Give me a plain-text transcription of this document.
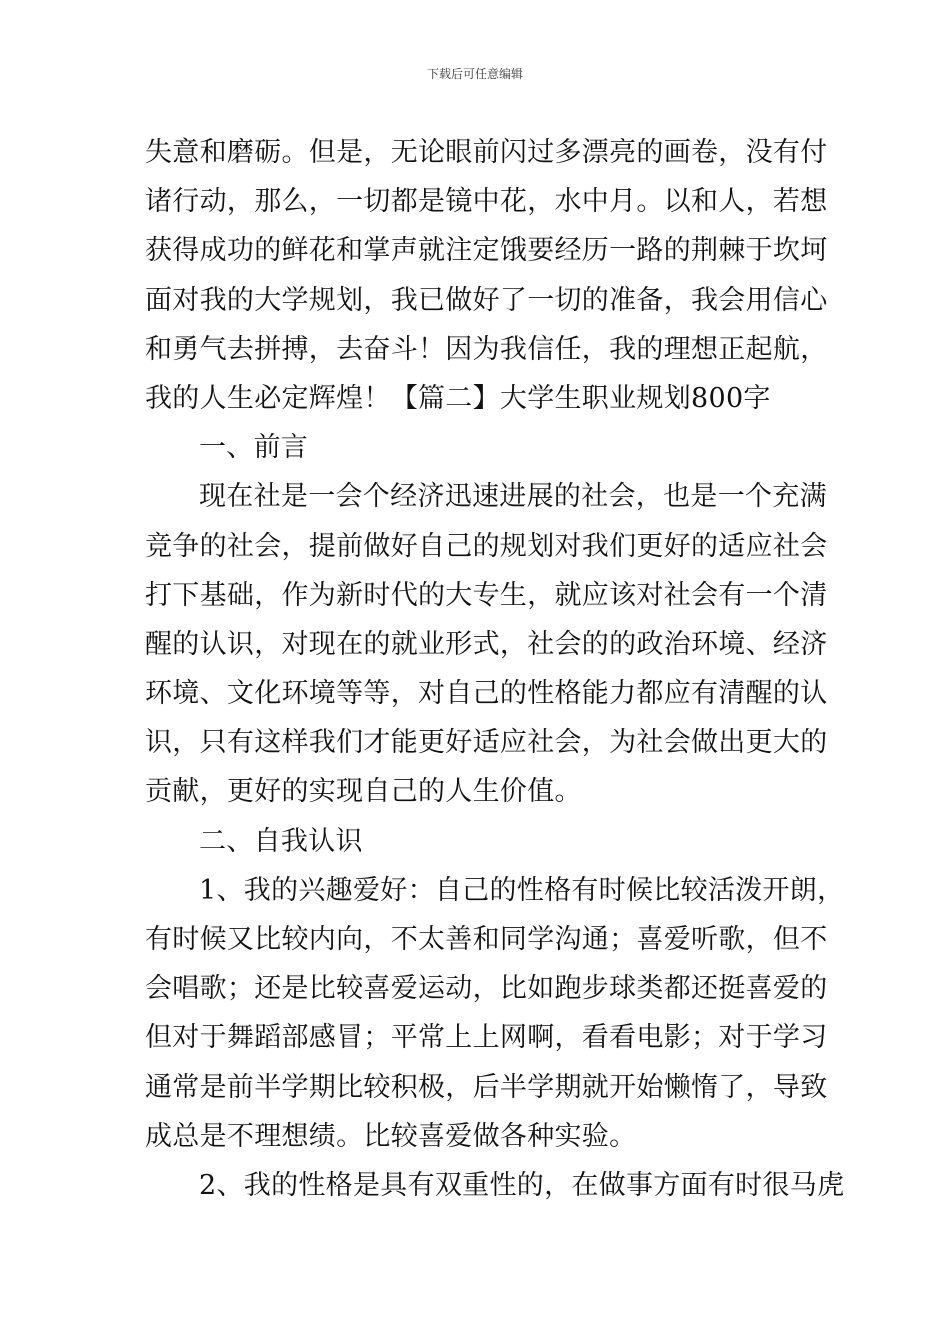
下载后可任意编辑
失意和磨砺。但是，无论眼前闪过多漂亮的画卷，没有付
诸行动，那么，一切都是镜中花，水中月。以和人，若想
获得成功的鲜花和掌声就注定饿要经历一路的荆棘于坎坷
面对我的大学规划，我已做好了一切的准备，我会用信心
和勇气去拼搏，去奋斗！因为我信任，我的理想正起航，
我的人生必定辉煌！【篇二】大学生职业规划800字
一、前言
现在社是一会个经济迅速进展的社会，也是一个充满
竞争的社会，提前做好自己的规划对我们更好的适应社会
打下基础，作为新时代的大专生，就应该对社会有一个清
醒的认识，对现在的就业形式，社会的的政治环境、经济
环境、文化环境等等，对自己的性格能力都应有清醒的认
识，只有这样我们才能更好适应社会，为社会做出更大的
贡献，更好的实现自己的人生价值。
二、自我认识
1、我的兴趣爱好：自己的性格有时候比较活泼开朗，
有时候又比较内向，不太善和同学沟通；喜爱听歌，但不
会唱歌；还是比较喜爱运动，比如跑步球类都还挺喜爱的
但对于舞蹈部感冒；平常上上网啊，看看电影；对于学习
通常是前半学期比较积极，后半学期就开始懒惰了，导致
成总是不理想绩。比较喜爱做各种实验。
2、我的性格是具有双重性的，在做事方面有时很马虎
